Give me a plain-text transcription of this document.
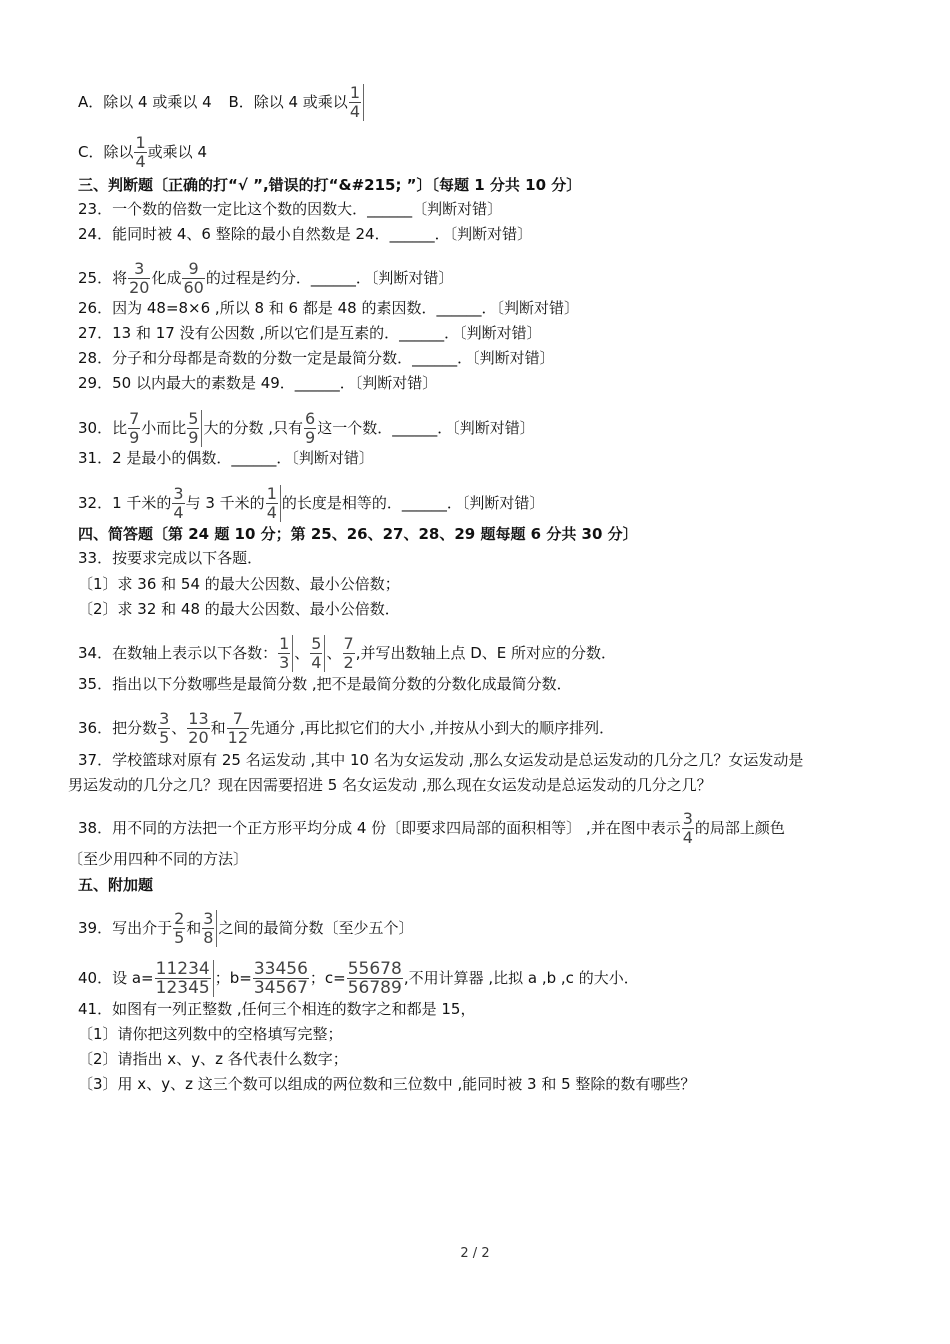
A．除以 4 或乘以 4 B．除以 4 或乘以 $\frac{1}{4}$
C．除以 $\frac{1}{4}$ 或乘以 4
三、判断题〔正确的打“√ ”,错误的打“&#215; ”〕〔每题 1 分共 10 分〕
23．一个数的倍数一定比这个数的因数大．______〔判断对错〕
24．能同时被 4、6 整除的最小自然数是 24．______．〔判断对错〕
25．将 $\frac{3}{20}$ 化成 $\frac{9}{60}$ 的过程是约分．______．〔判断对错〕
26．因为 48=8×6 ,所以 8 和 6 都是 48 的素因数．______．〔判断对错〕
27．13 和 17 没有公因数 ,所以它们是互素的．______．〔判断对错〕
28．分子和分母都是奇数的分数一定是最简分数．______．〔判断对错〕
29．50 以内最大的素数是 49．______．〔判断对错〕
30．比 $\frac{7}{9}$ 小而比 $\frac{5}{9}$ 大的分数 ,只有 $\frac{6}{9}$ 这一个数．______．〔判断对错〕
31．2 是最小的偶数．______．〔判断对错〕
32．1 千米的 $\frac{3}{4}$ 与 3 千米的 $\frac{1}{4}$ 的长度是相等的．______．〔判断对错〕
四、简答题〔第 24 题 10 分；第 25、26、27、28、29 题每题 6 分共 30 分〕
33．按要求完成以下各题．
〔1〕求 36 和 54 的最大公因数、最小公倍数；
〔2〕求 32 和 48 的最大公因数、最小公倍数．
34．在数轴上表示以下各数： $\frac{1}{3}$ 、 $\frac{5}{4}$ 、 $\frac{7}{2}$ ,并写出数轴上点 D、E 所对应的分数．
35．指出以下分数哪些是最简分数 ,把不是最简分数的分数化成最简分数．
36．把分数 $\frac{3}{5}$ 、 $\frac{13}{20}$ 和 $\frac{7}{12}$ 先通分 ,再比拟它们的大小 ,并按从小到大的顺序排列．
37．学校篮球对原有 25 名运发动 ,其中 10 名为女运发动 ,那么女运发动是总运发动的几分之几？女运发动是
男运发动的几分之几？现在因需要招进 5 名女运发动 ,那么现在女运发动是总运发动的几分之几？
38．用不同的方法把一个正方形平均分成 4 份〔即要求四局部的面积相等〕 ,并在图中表示 $\frac{3}{4}$ 的局部上颜色
〔至少用四种不同的方法〕
五、附加题
39．写出介于 $\frac{2}{5}$ 和 $\frac{3}{8}$ 之间的最简分数〔至少五个〕
40．设 $a= \frac{11234}{12345}$ ；$b= \frac{33456}{34567}$ ；$c= \frac{55678}{56789}$ ,不用计算器 ,比拟 a ,b ,c 的大小．
41．如图有一列正整数 ,任何三个相连的数字之和都是 15，
〔1〕请你把这列数中的空格填写完整；
〔2〕请指出 x、y、z 各代表什么数字；
〔3〕用 x、y、z 这三个数可以组成的两位数和三位数中 ,能同时被 3 和 5 整除的数有哪些？
2 / 2
